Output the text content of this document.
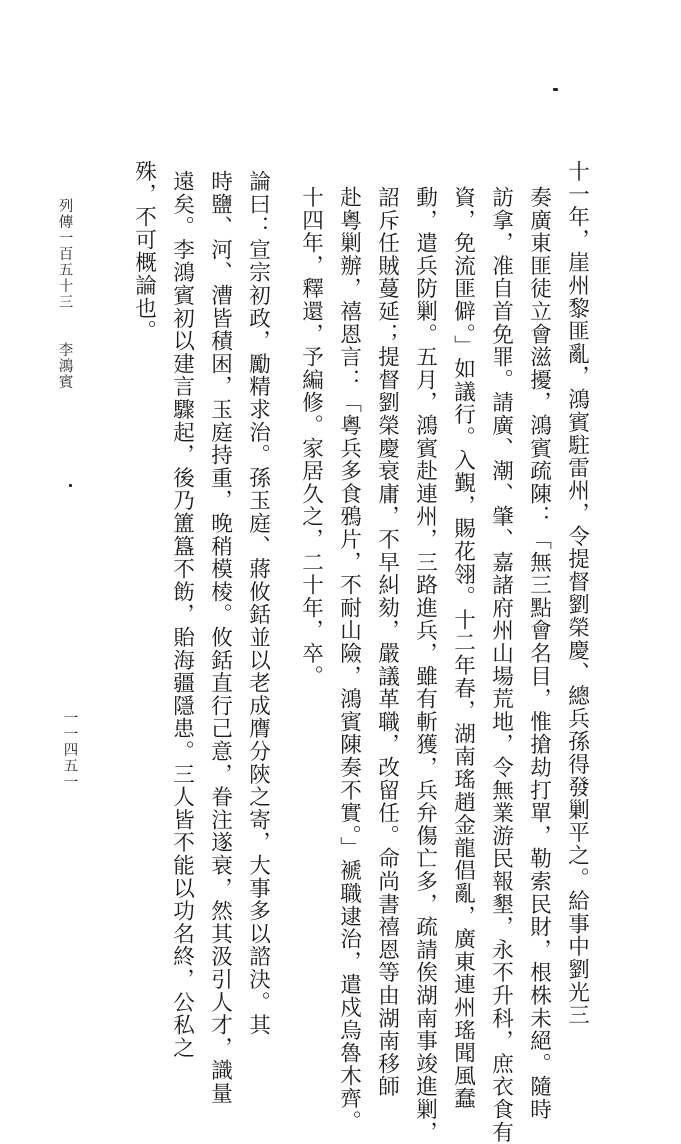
列傳一百五十三　　李鴻賓
一一四五一	十一年，崖州黎匪亂，鴻賓駐雷州，令提督劉榮慶、總兵孫得發剿平之。給事中劉光三
奏廣東匪徒立會滋擾，鴻賓疏陳：「無三點會名目，惟搶劫打單，勒索民財，根株未絕。隨時
訪拿，准自首免罪。請廣、潮、肇、嘉諸府州山場荒地，令無業游民報墾，永不升科，庶衣食有
資，免流匪僻。」如議行。入覲，賜花翎。十二年春，湖南瑤趙金龍倡亂，廣東連州瑤聞風蠢
動，遣兵防剿。五月，鴻賓赴連州，三路進兵，雖有斬獲，兵弁傷亡多，疏請俟湖南事竣進剿，
詔斥任賊蔓延；提督劉榮慶衰庸，不早糾劾，嚴議革職，改留任。命尚書禧恩等由湖南移師
赴粵剿辦，禧恩言：「粵兵多食鴉片，不耐山險，鴻賓陳奏不實。」褫職逮治，遣戍烏魯木齊。
十四年，釋還，予編修。家居久之，二十年，卒。
論曰：宣宗初政，勵精求治。孫玉庭、蔣攸銛並以老成膺分陝之寄，大事多以諮決。其
時鹽、河、漕皆積困，玉庭持重，晚稍模棱。攸銛直行己意，眷注遂衰，然其汲引人才，識量
遠矣。李鴻賓初以建言驟起，後乃簠簋不飭，貽海疆隱患。三人皆不能以功名終，公私之
殊，不可概論也。
